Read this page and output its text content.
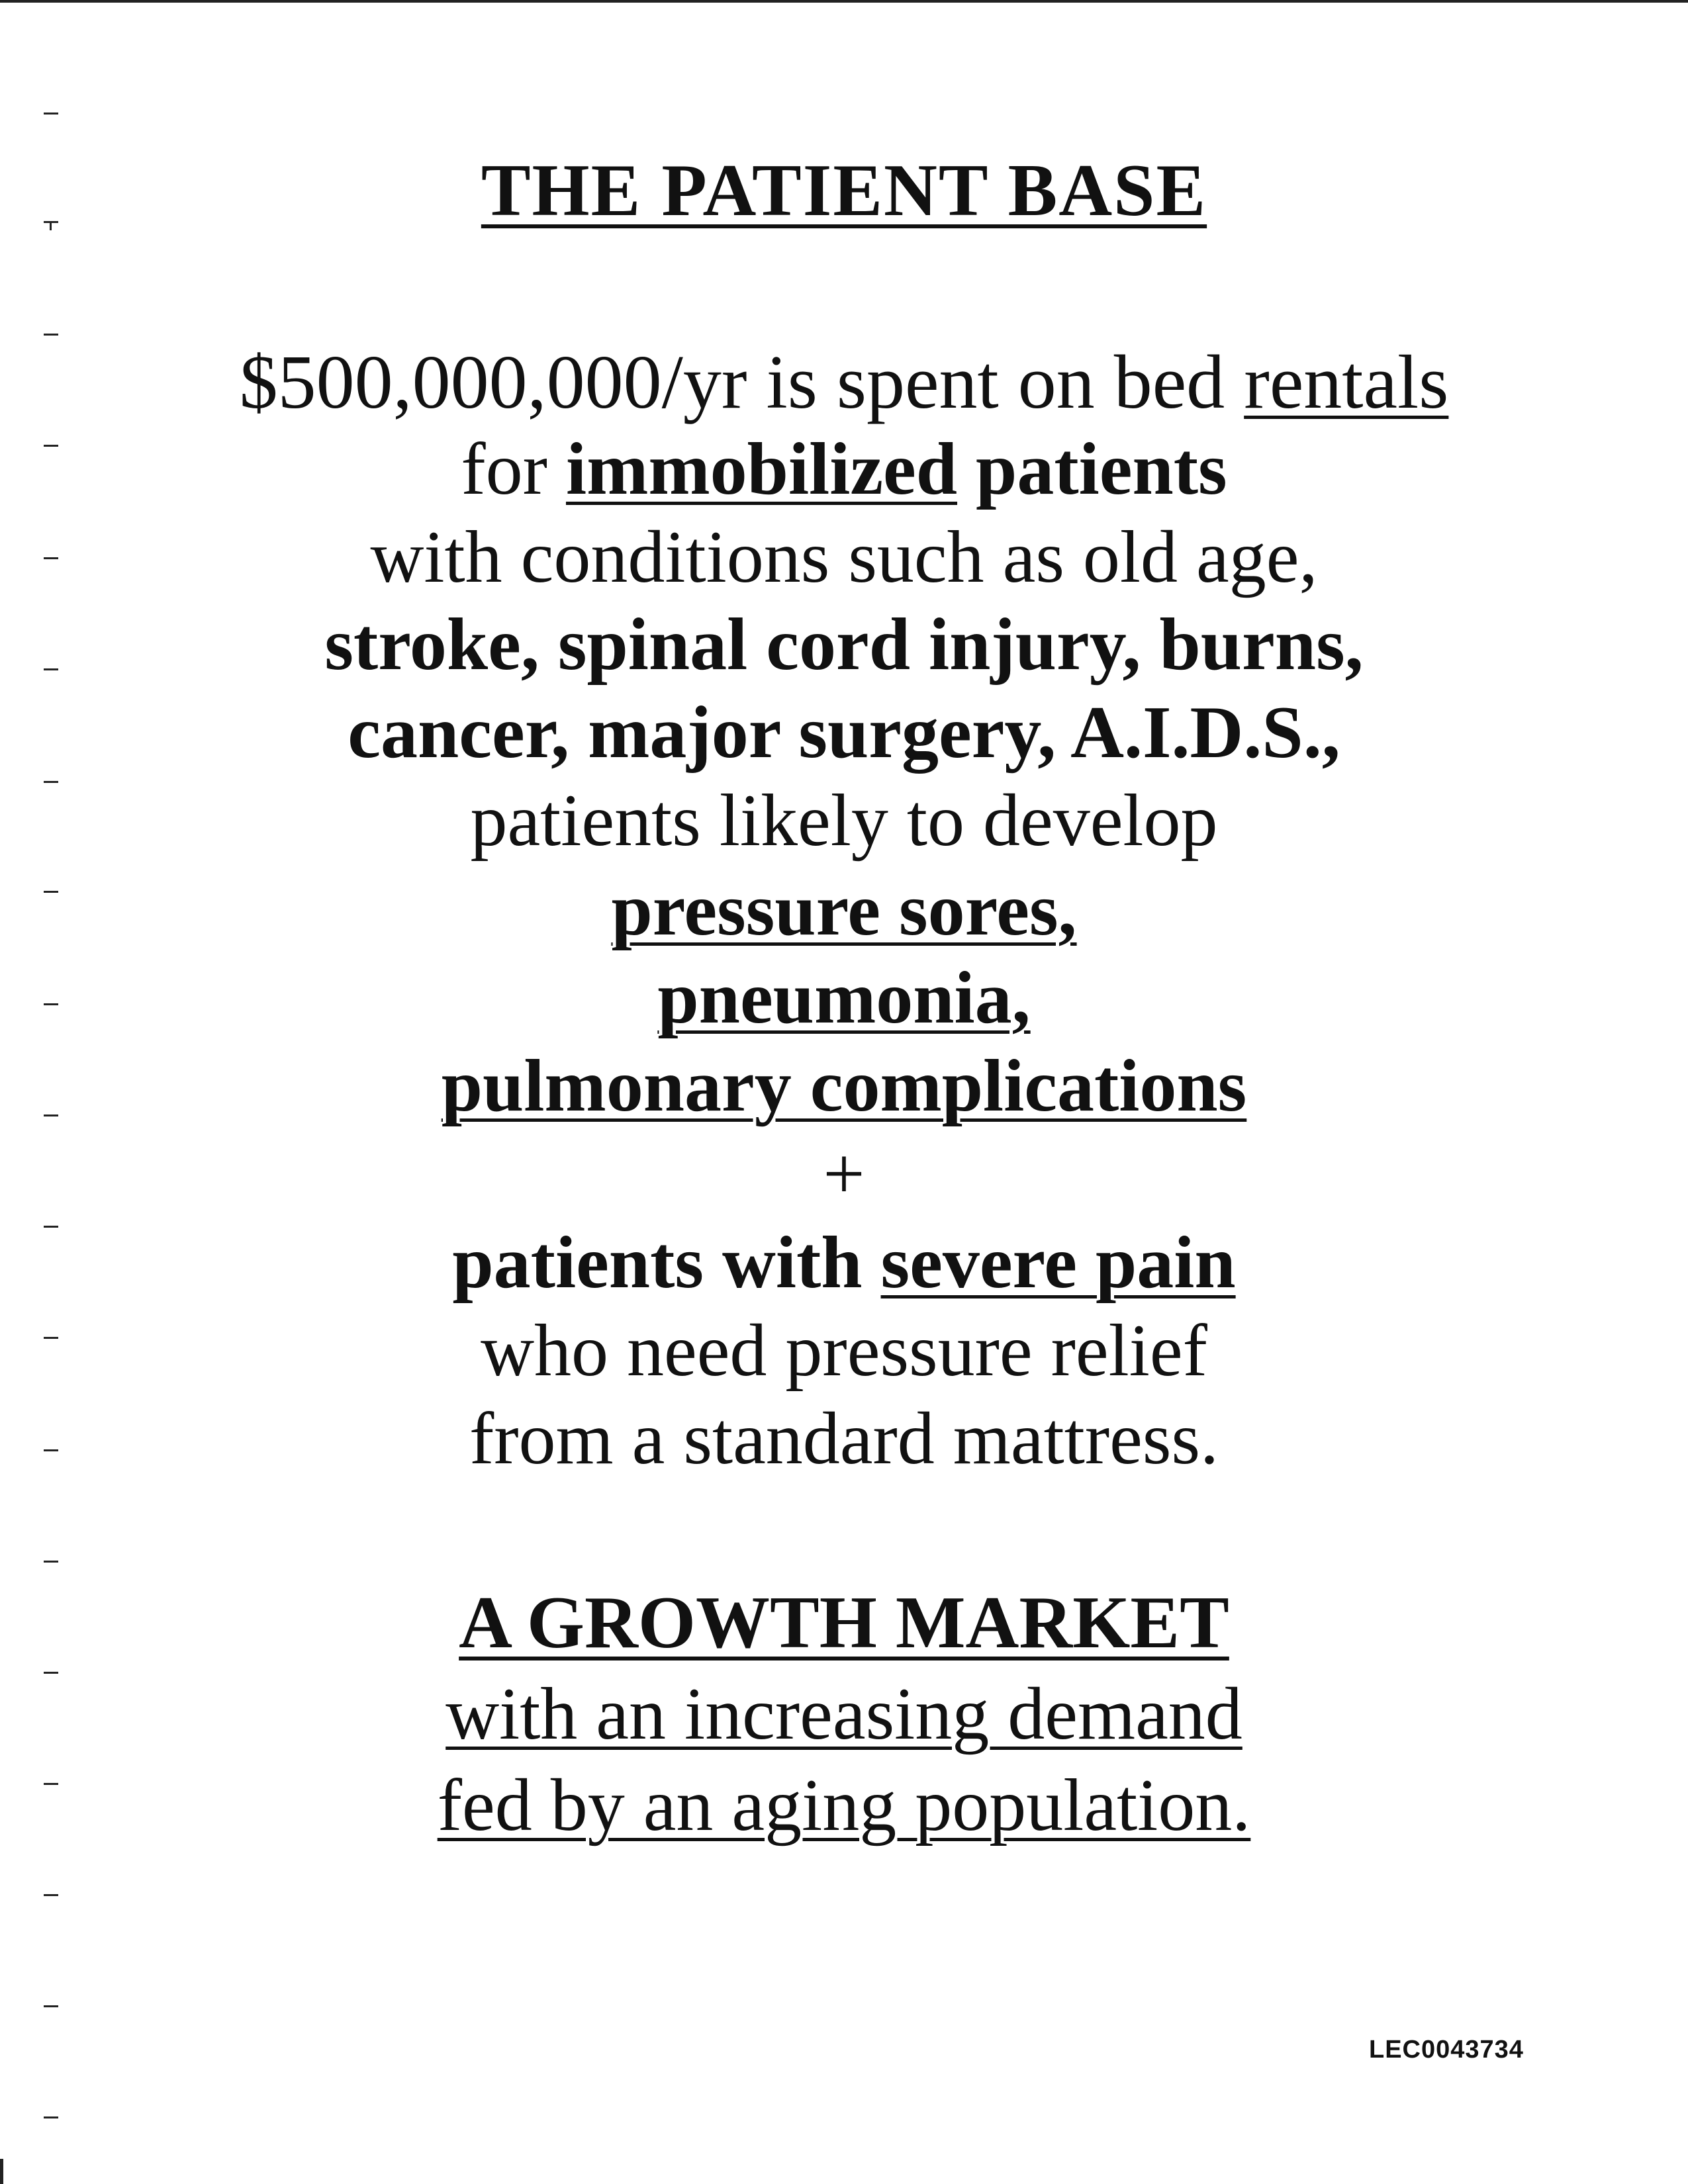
THE PATIENT BASE
$500,000,000/yr is spent on bed rentals
for immobilized patients
with conditions such as old age,
stroke, spinal cord injury, burns,
cancer, major surgery, A.I.D.S.,
patients likely to develop
pressure sores,
pneumonia,
pulmonary complications
+
patients with severe pain
who need pressure relief
from a standard mattress.
A GROWTH MARKET
with an increasing demand
fed by an aging population.
LEC0043734
